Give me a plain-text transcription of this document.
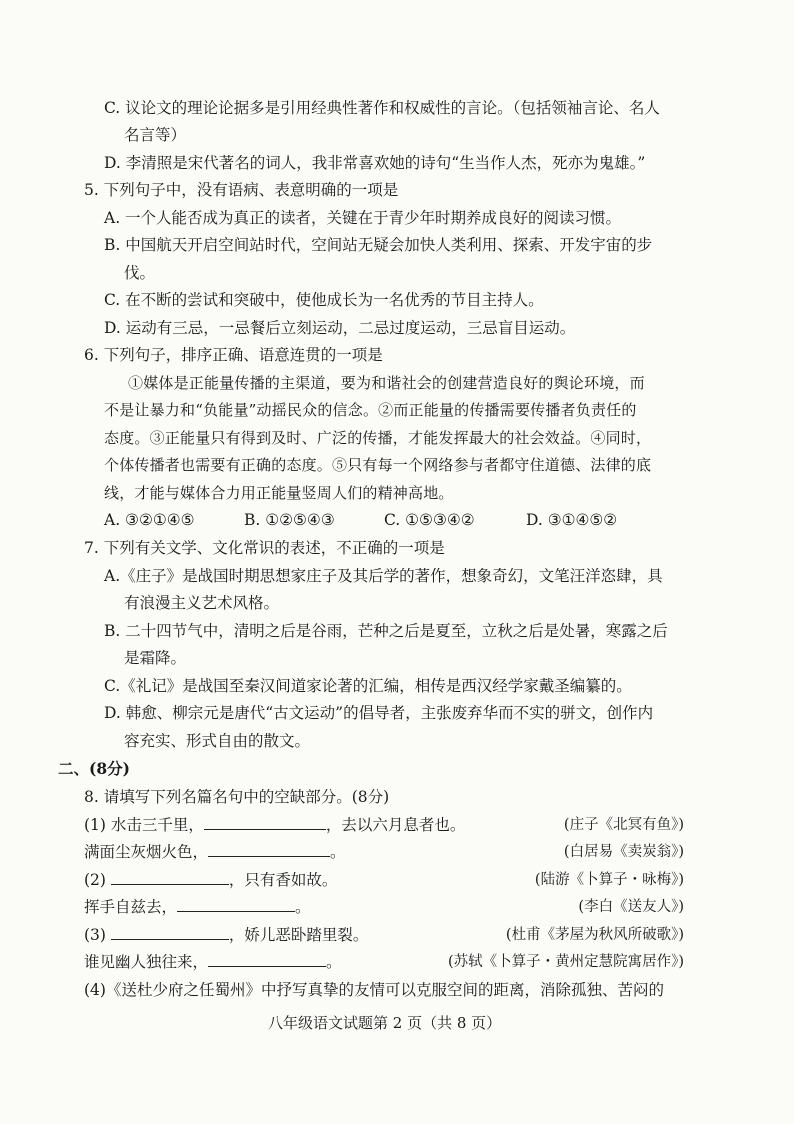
C. 议论文的理论论据多是引用经典性著作和权威性的言论。（包括领袖言论、名人
名言等）
D. 李清照是宋代著名的词人，我非常喜欢她的诗句“生当作人杰，死亦为鬼雄。”
5. 下列句子中，没有语病、表意明确的一项是
A. 一个人能否成为真正的读者，关键在于青少年时期养成良好的阅读习惯。
B. 中国航天开启空间站时代，空间站无疑会加快人类利用、探索、开发宇宙的步
伐。
C. 在不断的尝试和突破中，使他成长为一名优秀的节目主持人。
D. 运动有三忌，一忌餐后立刻运动，二忌过度运动，三忌盲目运动。
6. 下列句子，排序正确、语意连贯的一项是
①媒体是正能量传播的主渠道，要为和谐社会的创建营造良好的舆论环境，而
不是让暴力和“负能量”动摇民众的信念。②而正能量的传播需要传播者负责任的
态度。③正能量只有得到及时、广泛的传播，才能发挥最大的社会效益。④同时，
个体传播者也需要有正确的态度。⑤只有每一个网络参与者都守住道德、法律的底
线，才能与媒体合力用正能量竖周人们的精神高地。
A. ③②①④⑤	B. ①②⑤④③	C. ①⑤③④②	D. ③①④⑤②
7. 下列有关文学、文化常识的表述，不正确的一项是
A.《庄子》是战国时期思想家庄子及其后学的著作，想象奇幻，文笔汪洋恣肆，具
有浪漫主义艺术风格。
B. 二十四节气中，清明之后是谷雨，芒种之后是夏至，立秋之后是处暑，寒露之后
是霜降。
C.《礼记》是战国至秦汉间道家论著的汇编，相传是西汉经学家戴圣编纂的。
D. 韩愈、柳宗元是唐代“古文运动”的倡导者，主张废弃华而不实的骈文，创作内
容充实、形式自由的散文。
二、(8分)
8. 请填写下列名篇名句中的空缺部分。(8分)
(1) 水击三千里，	，去以六月息者也。	(庄子《北冥有鱼》)
满面尘灰烟火色，	。	(白居易《卖炭翁》)
(2)	，只有香如故。	(陆游《卜算子・咏梅》)
挥手自兹去，	。	(李白《送友人》)
(3)	，娇儿恶卧踏里裂。	(杜甫《茅屋为秋风所破歌》)
谁见幽人独往来，	。	(苏轼《卜算子・黄州定慧院寓居作》)
(4)《送杜少府之任蜀州》中抒写真挚的友情可以克服空间的距离，消除孤独、苦闷的
八年级语文试题第 2 页（共 8 页）
